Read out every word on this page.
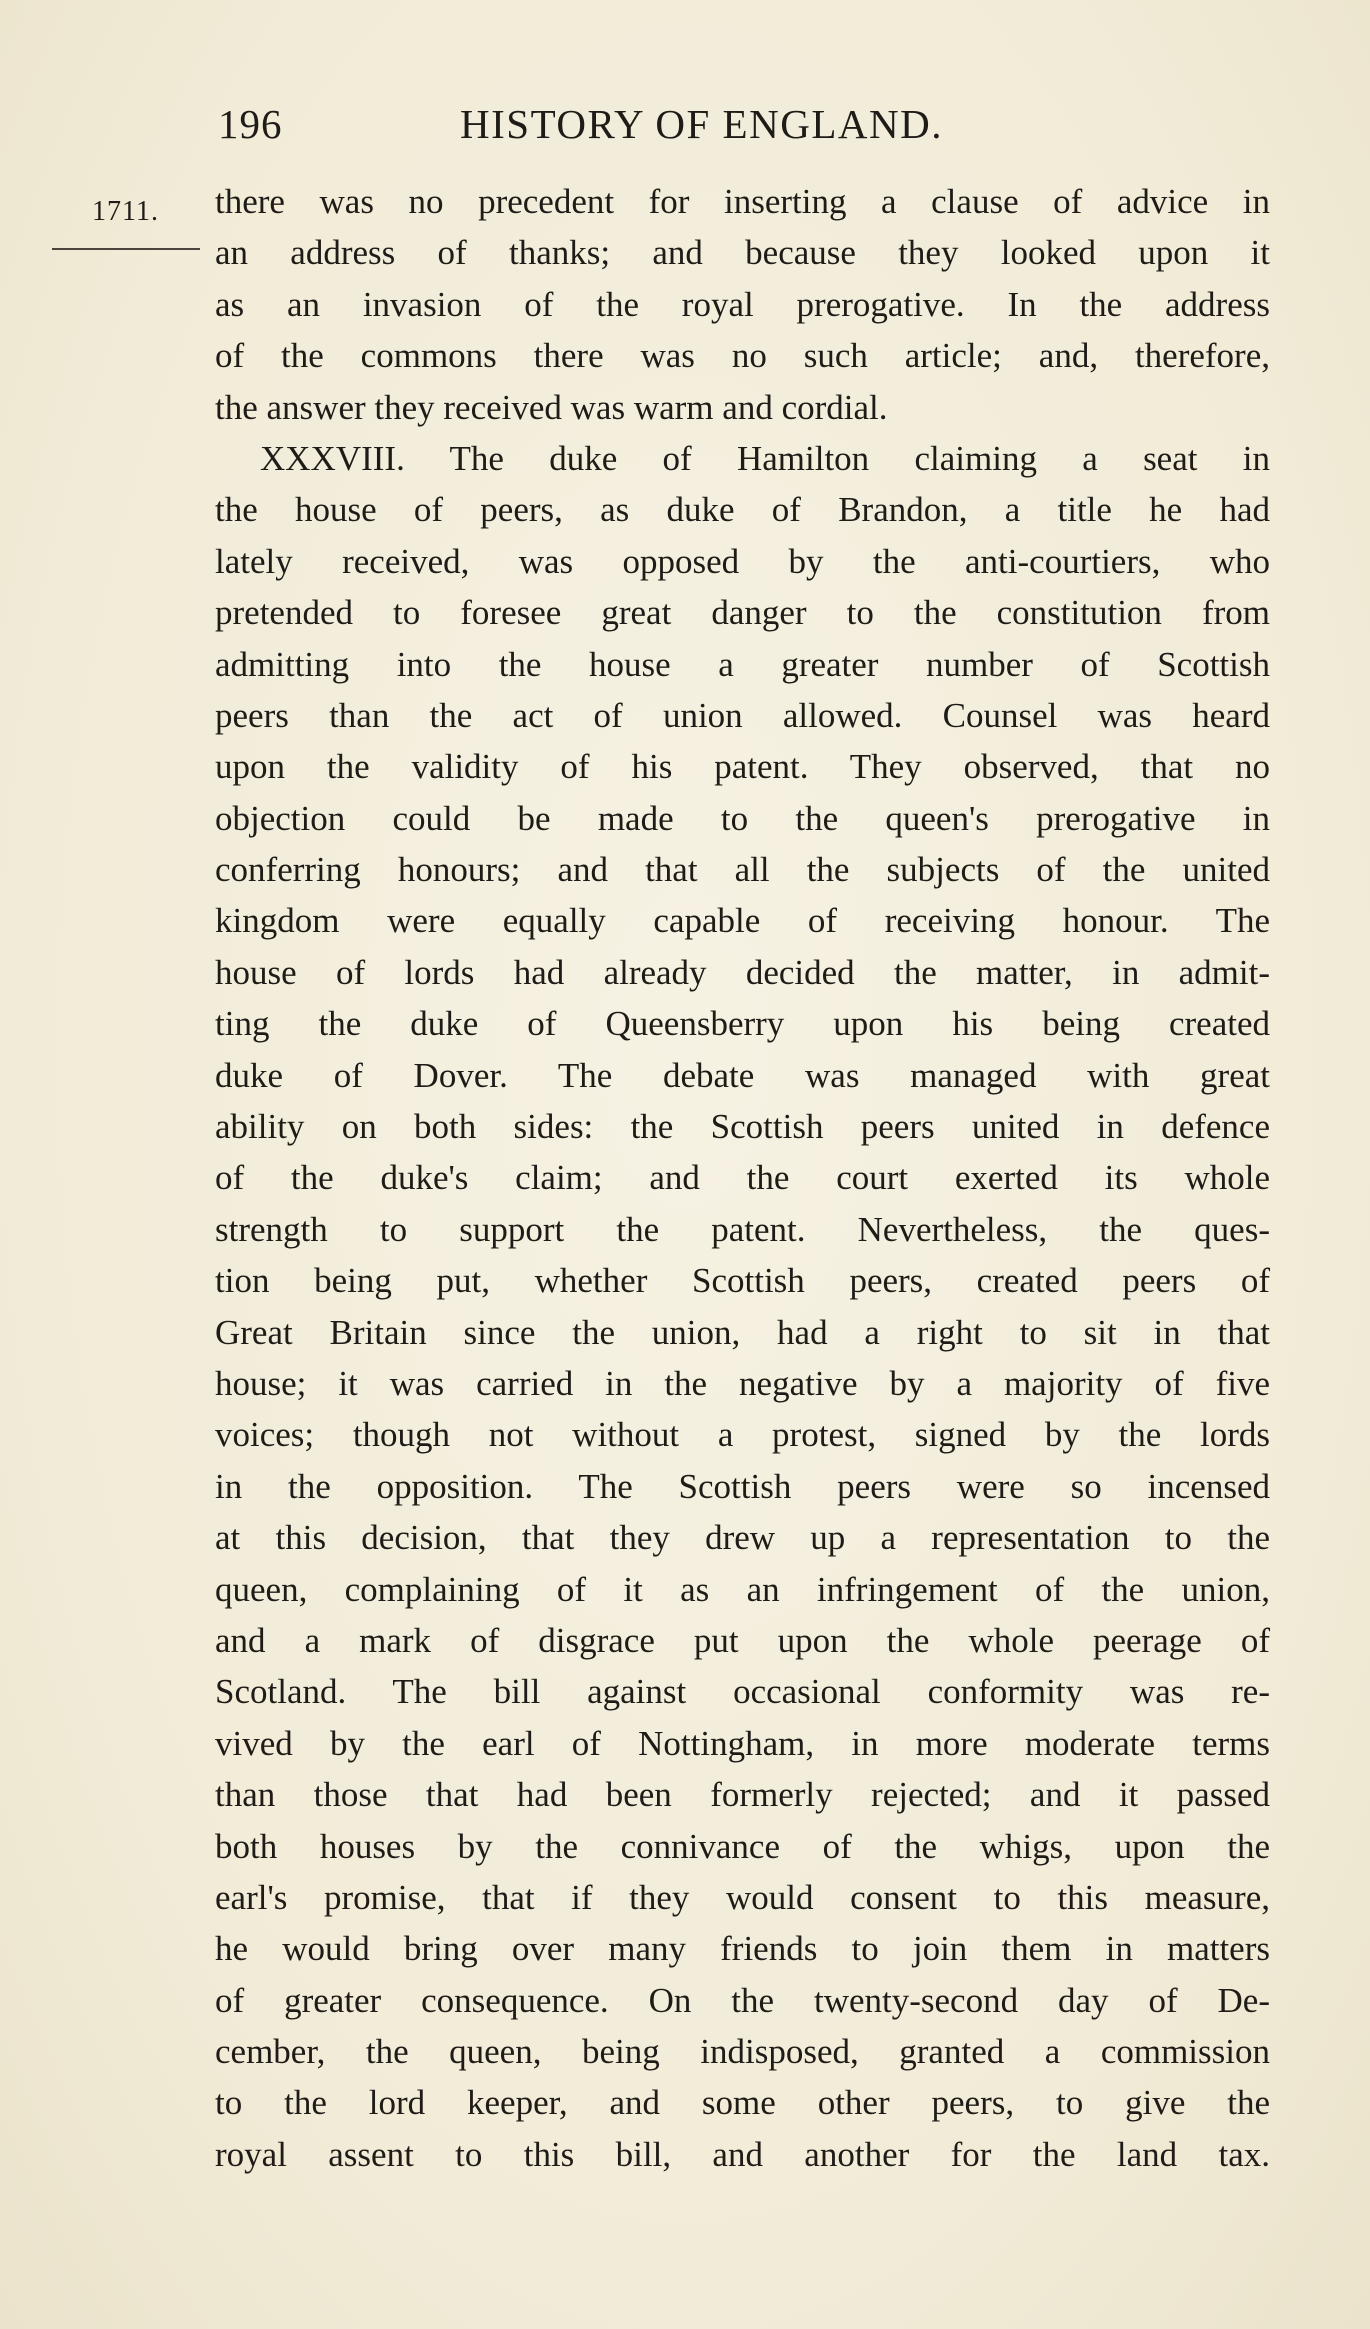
196	HISTORY OF ENGLAND.
1711. there was no precedent for inserting a clause of advice in
an address of thanks; and because they looked upon it
as an invasion of the royal prerogative. In the address
of the commons there was no such article; and, therefore,
the answer they received was warm and cordial.
XXXVIII. The duke of Hamilton claiming a seat in
the house of peers, as duke of Brandon, a title he had
lately received, was opposed by the anti-courtiers, who
pretended to foresee great danger to the constitution from
admitting into the house a greater number of Scottish
peers than the act of union allowed. Counsel was heard
upon the validity of his patent. They observed, that no
objection could be made to the queen's prerogative in
conferring honours; and that all the subjects of the united
kingdom were equally capable of receiving honour. The
house of lords had already decided the matter, in admit-
ting the duke of Queensberry upon his being created
duke of Dover. The debate was managed with great
ability on both sides: the Scottish peers united in defence
of the duke's claim; and the court exerted its whole
strength to support the patent. Nevertheless, the ques-
tion being put, whether Scottish peers, created peers of
Great Britain since the union, had a right to sit in that
house; it was carried in the negative by a majority of five
voices; though not without a protest, signed by the lords
in the opposition. The Scottish peers were so incensed
at this decision, that they drew up a representation to the
queen, complaining of it as an infringement of the union,
and a mark of disgrace put upon the whole peerage of
Scotland. The bill against occasional conformity was re-
vived by the earl of Nottingham, in more moderate terms
than those that had been formerly rejected; and it passed
both houses by the connivance of the whigs, upon the
earl's promise, that if they would consent to this measure,
he would bring over many friends to join them in matters
of greater consequence. On the twenty-second day of De-
cember, the queen, being indisposed, granted a commission
to the lord keeper, and some other peers, to give the
royal assent to this bill, and another for the land tax.
